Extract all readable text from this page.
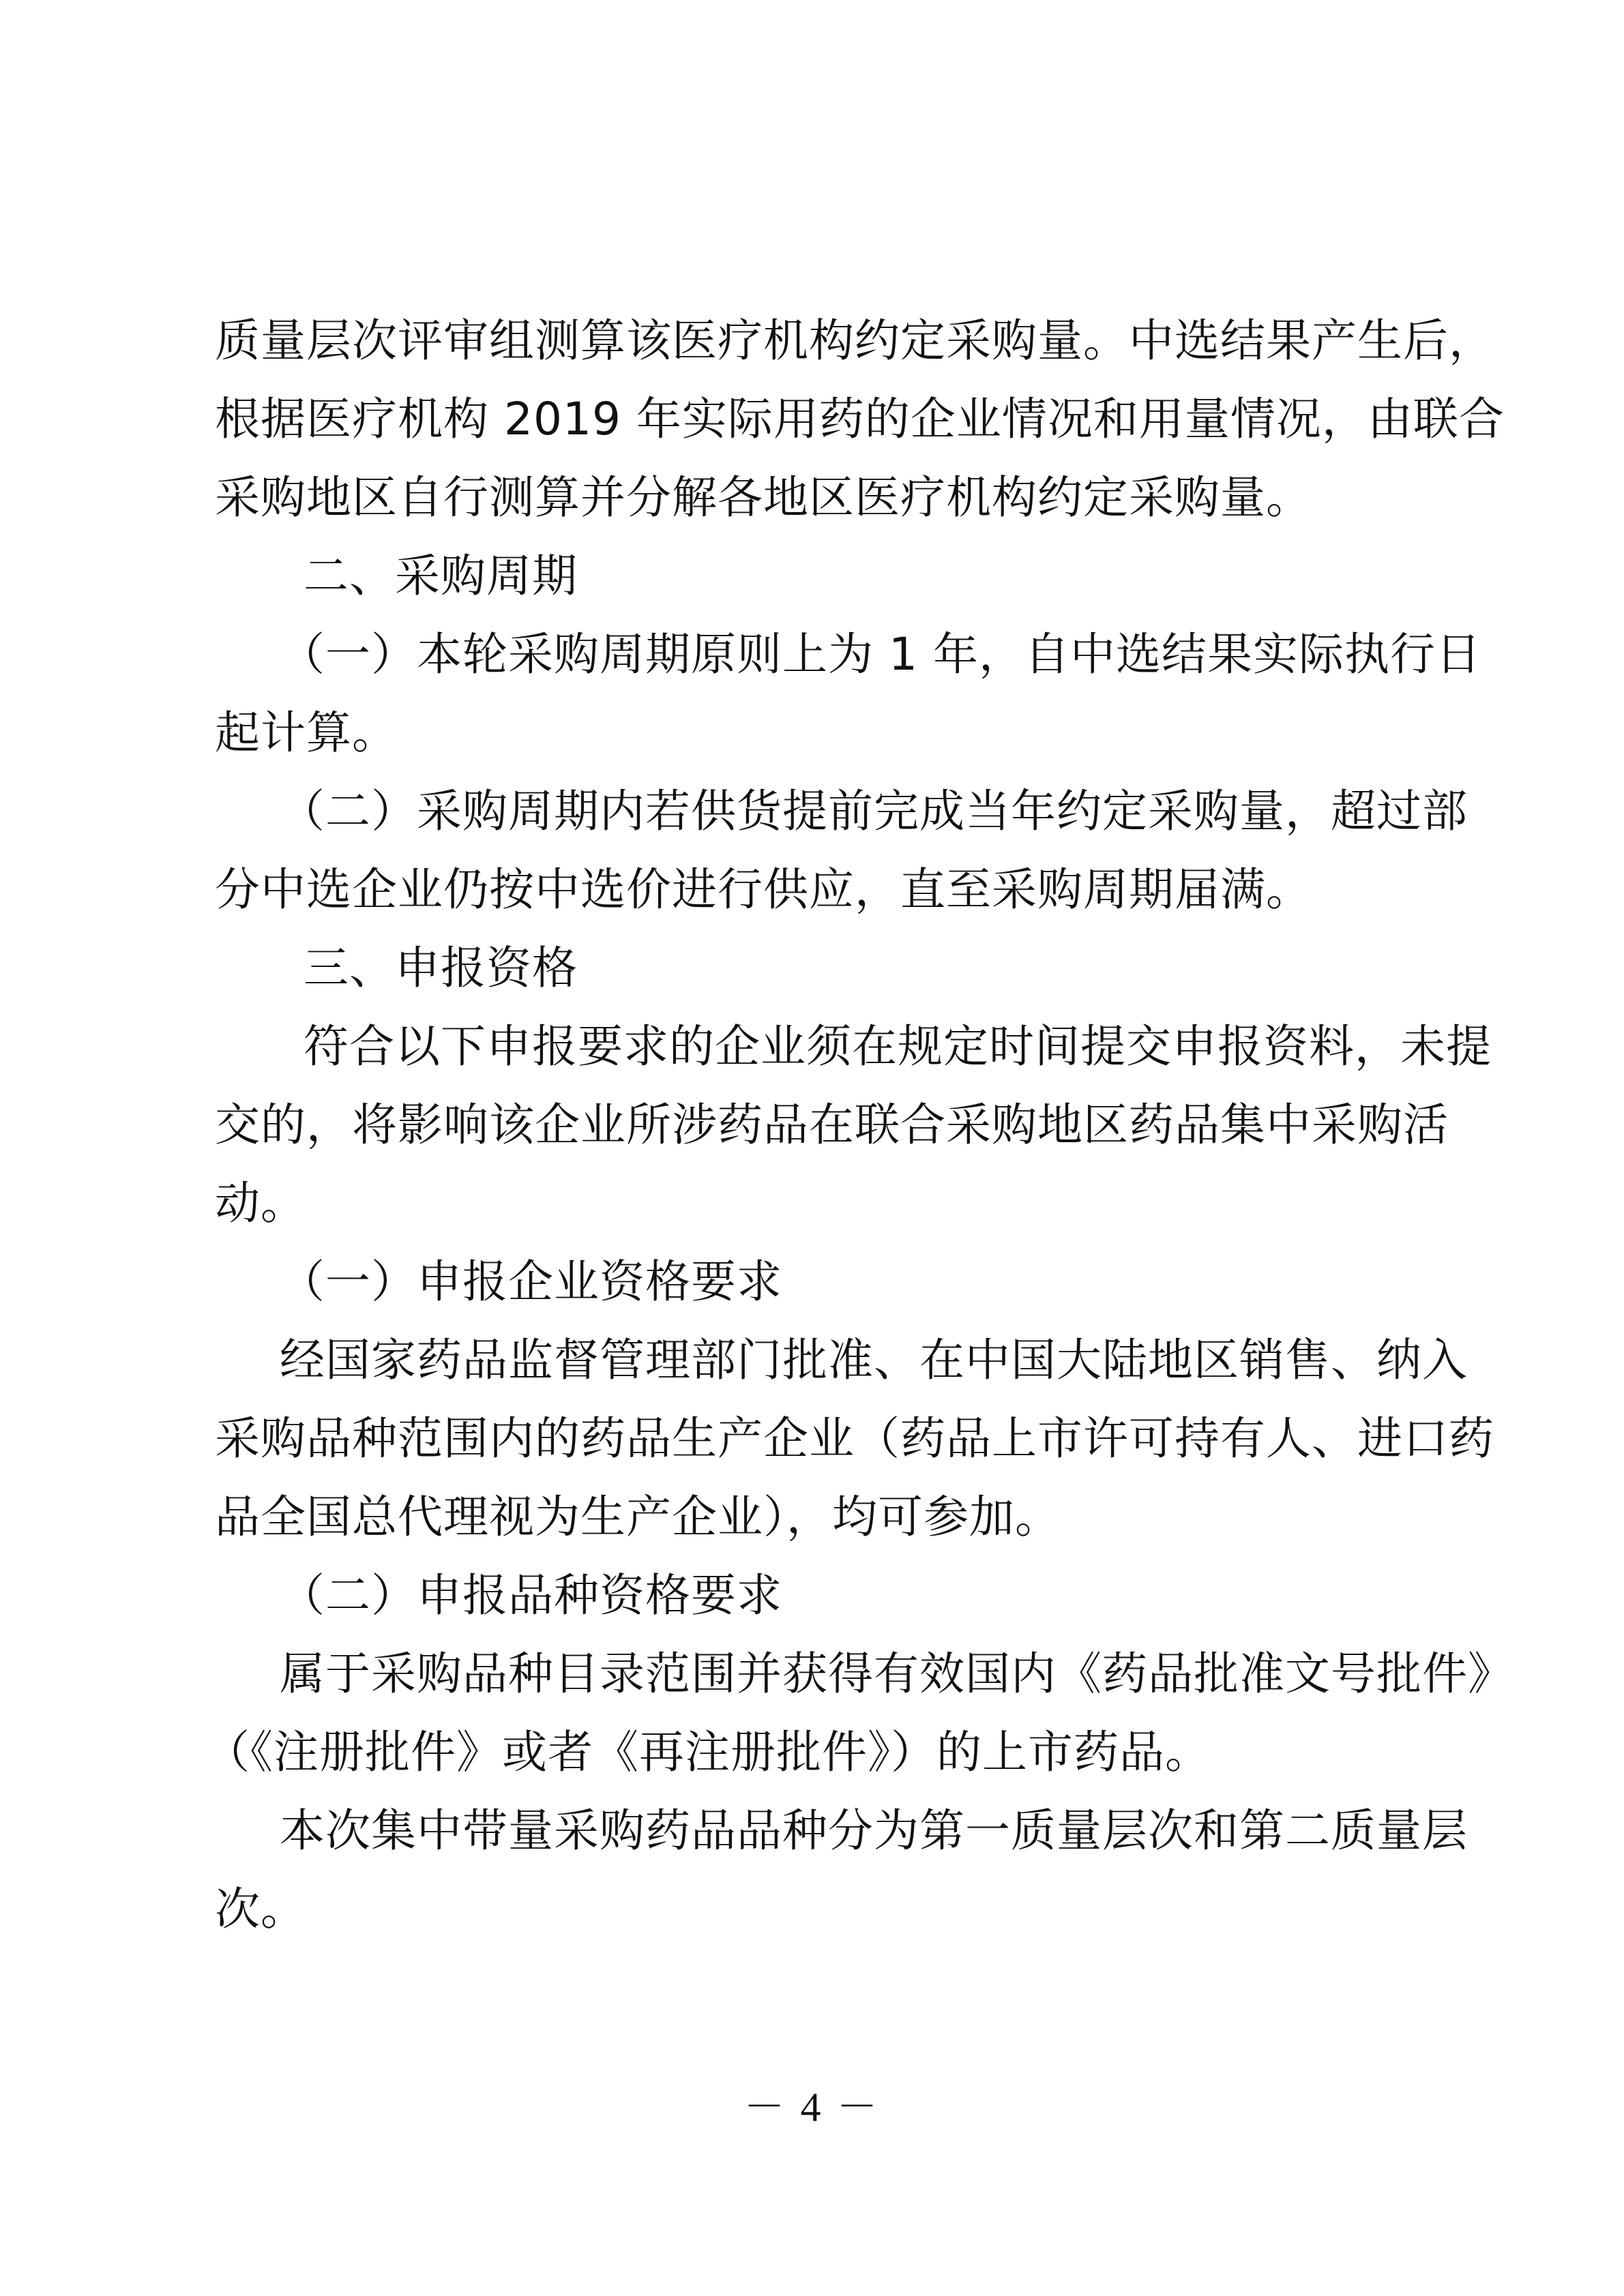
质量层次评审组测算该医疗机构约定采购量。中选结果产生后，
根据医疗机构 2019 年实际用药的企业情况和用量情况，由联合
采购地区自行测算并分解各地区医疗机构约定采购量。
二、采购周期
（一）本轮采购周期原则上为 1 年，自中选结果实际执行日
起计算。
（二）采购周期内若供货提前完成当年约定采购量，超过部
分中选企业仍按中选价进行供应，直至采购周期届满。
三、申报资格
符合以下申报要求的企业须在规定时间提交申报资料，未提
交的，将影响该企业所涉药品在联合采购地区药品集中采购活
动。
（一）申报企业资格要求
经国家药品监督管理部门批准、在中国大陆地区销售、纳入
采购品种范围内的药品生产企业（药品上市许可持有人、进口药
品全国总代理视为生产企业），均可参加。
（二）申报品种资格要求
属于采购品种目录范围并获得有效国内《药品批准文号批件》
（《注册批件》或者《再注册批件》）的上市药品。
本次集中带量采购药品品种分为第一质量层次和第二质量层
次。
－ 4 －
